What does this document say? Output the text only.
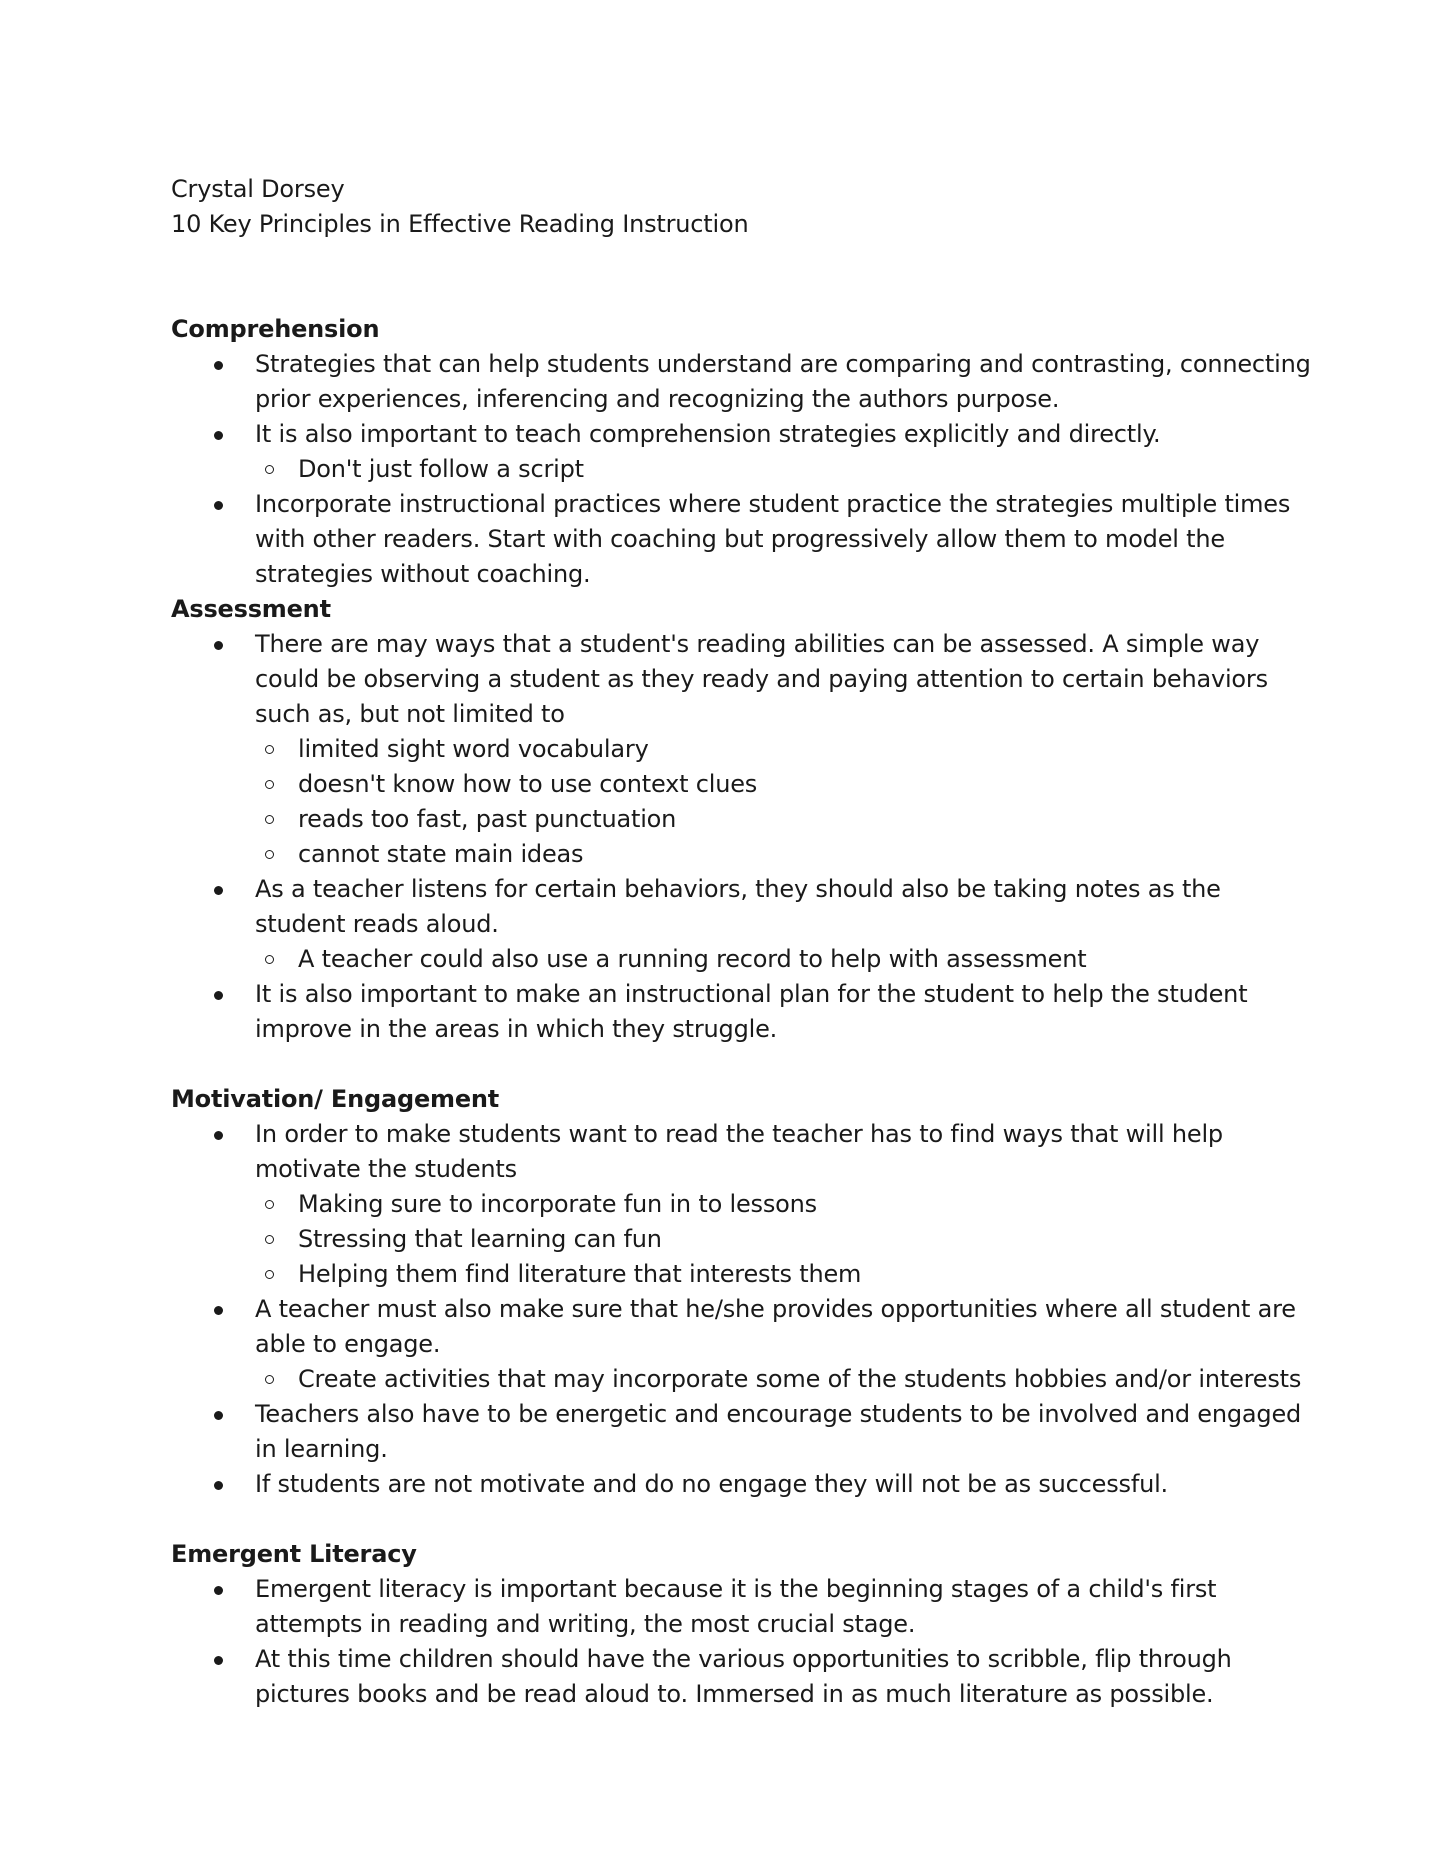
Crystal Dorsey

10 Key Principles in Effective Reading Instruction

Comprehension

Strategies that can help students understand are comparing and contrasting, connecting prior experiences, inferencing and recognizing the authors purpose.
It is also important to teach comprehension strategies explicitly and directly.
Don't just follow a script
Incorporate instructional practices where student practice the strategies multiple times with other readers. Start with coaching but progressively allow them to model the strategies without coaching.

Assessment

There are may ways that a student's reading abilities can be assessed. A simple way could be observing a student as they ready and paying attention to certain behaviors such as, but not limited to
limited sight word vocabulary
doesn't know how to use context clues
reads too fast, past punctuation
cannot state main ideas
As a teacher listens for certain behaviors, they should also be taking notes as the student reads aloud.
A teacher could also use a running record to help with assessment
It is also important to make an instructional plan for the student to help the student improve in the areas in which they struggle.

Motivation/ Engagement

In order to make students want to read the teacher has to find ways that will help motivate the students
Making sure to incorporate fun in to lessons
Stressing that learning can fun
Helping them find literature that interests them
A teacher must also make sure that he/she provides opportunities where all student are able to engage.
Create activities that may incorporate some of the students hobbies and/or interests
Teachers also have to be energetic and encourage students to be involved and engaged in learning.
If students are not motivate and do no engage they will not be as successful.

Emergent Literacy

Emergent literacy is important because it is the beginning stages of a child's first attempts in reading and writing, the most crucial stage.
At this time children should have the various opportunities to scribble, flip through pictures books and be read aloud to. Immersed in as much literature as possible.
